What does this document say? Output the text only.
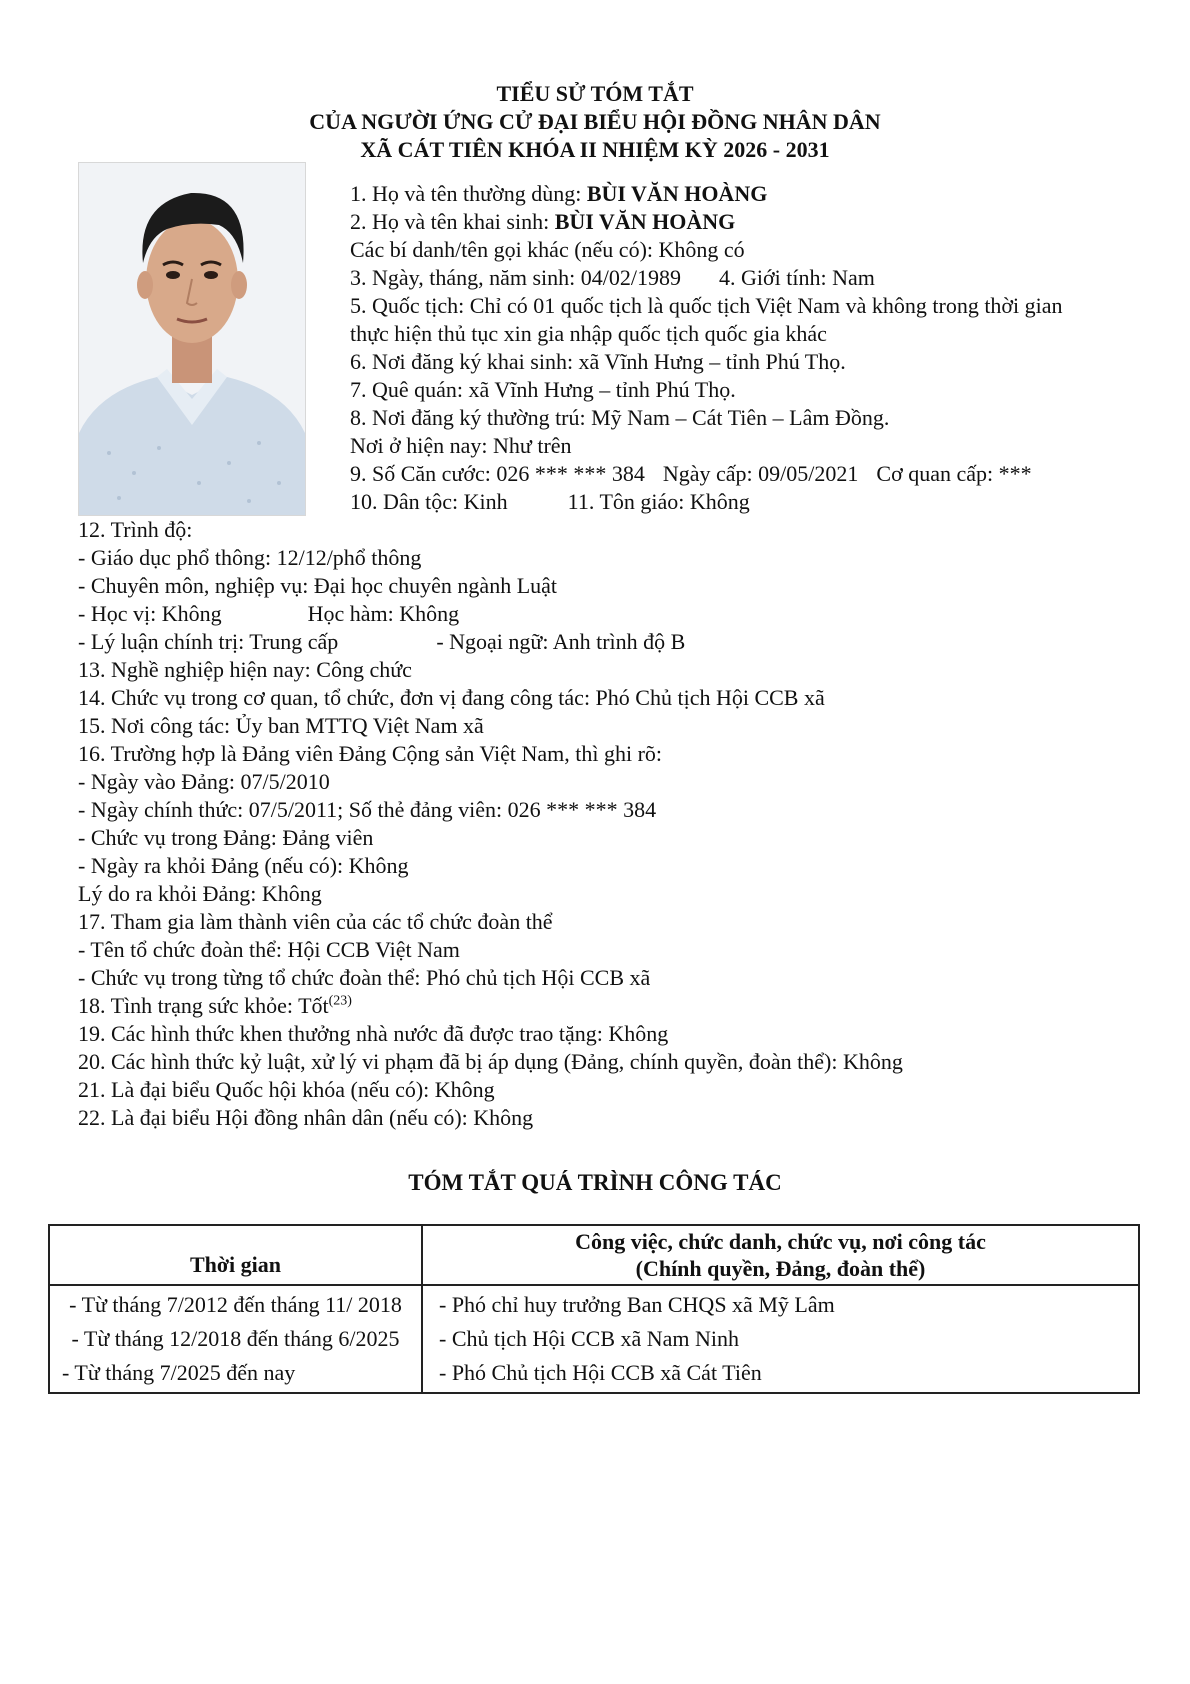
TIỂU SỬ TÓM TẮT
CỦA NGƯỜI ỨNG CỬ ĐẠI BIỂU HỘI ĐỒNG NHÂN DÂN
XÃ CÁT TIÊN KHÓA II NHIỆM KỲ 2026 - 2031
1. Họ và tên thường dùng: BÙI VĂN HOÀNG
2. Họ và tên khai sinh: BÙI VĂN HOÀNG
Các bí danh/tên gọi khác (nếu có): Không có
3. Ngày, tháng, năm sinh: 04/02/1989 4. Giới tính: Nam
5. Quốc tịch: Chỉ có 01 quốc tịch là quốc tịch Việt Nam và không trong thời gian
thực hiện thủ tục xin gia nhập quốc tịch quốc gia khác
6. Nơi đăng ký khai sinh: xã Vĩnh Hưng – tỉnh Phú Thọ.
7. Quê quán: xã Vĩnh Hưng – tỉnh Phú Thọ.
8. Nơi đăng ký thường trú: Mỹ Nam – Cát Tiên – Lâm Đồng.
Nơi ở hiện nay: Như trên
9. Số Căn cước: 026 *** *** 384 Ngày cấp: 09/05/2021 Cơ quan cấp: ***
10. Dân tộc: Kinh	11. Tôn giáo: Không
12. Trình độ:
- Giáo dục phổ thông: 12/12/phổ thông
- Chuyên môn, nghiệp vụ: Đại học chuyên ngành Luật
- Học vị: Không	Học hàm: Không
- Lý luận chính trị: Trung cấp	- Ngoại ngữ: Anh trình độ B
13. Nghề nghiệp hiện nay: Công chức
14. Chức vụ trong cơ quan, tổ chức, đơn vị đang công tác: Phó Chủ tịch Hội CCB xã
15. Nơi công tác: Ủy ban MTTQ Việt Nam xã
16. Trường hợp là Đảng viên Đảng Cộng sản Việt Nam, thì ghi rõ:
- Ngày vào Đảng: 07/5/2010
- Ngày chính thức: 07/5/2011; Số thẻ đảng viên: 026 *** *** 384
- Chức vụ trong Đảng: Đảng viên
- Ngày ra khỏi Đảng (nếu có): Không
Lý do ra khỏi Đảng: Không
17. Tham gia làm thành viên của các tổ chức đoàn thể
- Tên tổ chức đoàn thể: Hội CCB Việt Nam
- Chức vụ trong từng tổ chức đoàn thể: Phó chủ tịch Hội CCB xã
18. Tình trạng sức khỏe: Tốt$^{(23)}$
19. Các hình thức khen thưởng nhà nước đã được trao tặng: Không
20. Các hình thức kỷ luật, xử lý vi phạm đã bị áp dụng (Đảng, chính quyền, đoàn thể): Không
21. Là đại biểu Quốc hội khóa (nếu có): Không
22. Là đại biểu Hội đồng nhân dân (nếu có): Không
TÓM TẮT QUÁ TRÌNH CÔNG TÁC
Thời gian	Công việc, chức danh, chức vụ, nơi công tác
(Chính quyền, Đảng, đoàn thể)

- Từ tháng 7/2012 đến tháng 11/ 2018	- Phó chỉ huy trưởng Ban CHQS xã Mỹ Lâm
- Từ tháng 12/2018 đến tháng 6/2025	- Chủ tịch Hội CCB xã Nam Ninh
- Từ tháng 7/2025 đến nay	- Phó Chủ tịch Hội CCB xã Cát Tiên
